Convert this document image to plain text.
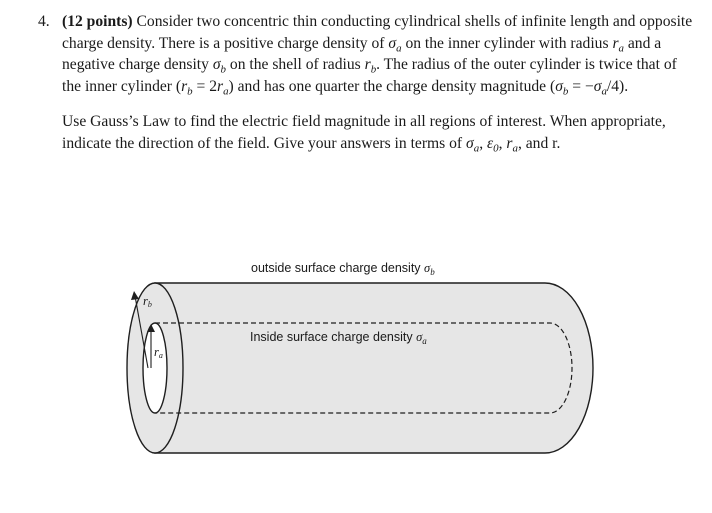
4. (12 points) Consider two concentric thin conducting cylindrical shells of infinite length and opposite charge density. There is a positive charge density of $\sigma_a$ on the inner cylinder with radius $r_a$ and a negative charge density $\sigma_b$ on the shell of radius $r_b$. The radius of the outer cylinder is twice that of the inner cylinder $(r_b = 2r_a)$ and has one quarter the charge density magnitude $(\sigma_b = -\sigma_a/4)$.

Use Gauss’s Law to find the electric field magnitude in all regions of interest. When appropriate, indicate the direction of the field. Give your answers in terms of $\sigma_a$, $\varepsilon_0$, $r_a$, and r.

outside surface charge density $\sigma_b$
Inside surface charge density $\sigma_a$
rb
ra
